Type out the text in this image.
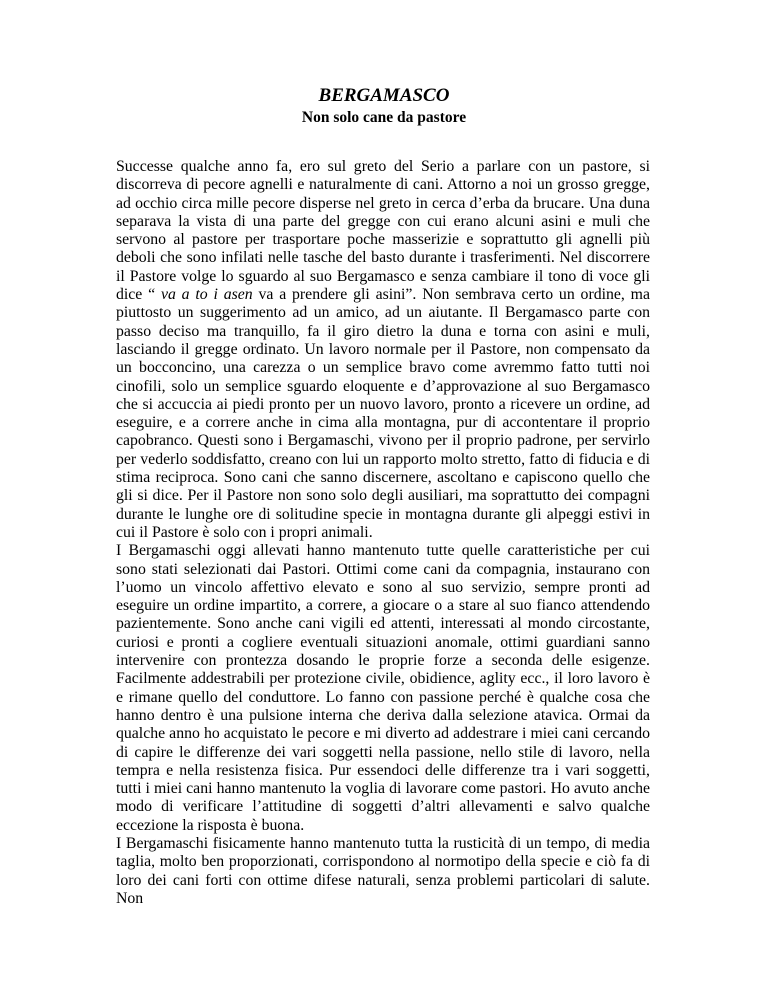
BERGAMASCO
Non solo cane da pastore

Successe qualche anno fa, ero sul greto del Serio a parlare con un pastore, si discorreva di pecore agnelli e naturalmente di cani. Attorno a noi un grosso gregge, ad occhio circa mille pecore disperse nel greto in cerca d’erba da brucare. Una duna separava la vista di una parte del gregge con cui erano alcuni asini e muli che servono al pastore per trasportare poche masserizie e soprattutto gli agnelli più deboli che sono infilati nelle tasche del basto durante i trasferimenti. Nel discorrere il Pastore volge lo sguardo al suo Bergamasco e senza cambiare il tono di voce gli dice “ va a to i asen va a prendere gli asini”. Non sembrava certo un ordine, ma piuttosto un suggerimento ad un amico, ad un aiutante. Il Bergamasco parte con passo deciso ma tranquillo, fa il giro dietro la duna e torna con asini e muli, lasciando il gregge ordinato. Un lavoro normale per il Pastore, non compensato da un bocconcino, una carezza o un semplice bravo come avremmo fatto tutti noi cinofili, solo un semplice sguardo eloquente e d’approvazione al suo Bergamasco che si accuccia ai piedi pronto per un nuovo lavoro, pronto a ricevere un ordine, ad eseguire, e a correre anche in cima alla montagna, pur di accontentare il proprio capobranco. Questi sono i Bergamaschi, vivono per il proprio padrone, per servirlo per vederlo soddisfatto, creano con lui un rapporto molto stretto, fatto di fiducia e di stima reciproca. Sono cani che sanno discernere, ascoltano e capiscono quello che gli si dice. Per il Pastore non sono solo degli ausiliari, ma soprattutto dei compagni durante le lunghe ore di solitudine specie in montagna durante gli alpeggi estivi in cui il Pastore è solo con i propri animali.

I Bergamaschi oggi allevati hanno mantenuto tutte quelle caratteristiche per cui sono stati selezionati dai Pastori. Ottimi come cani da compagnia, instaurano con l’uomo un vincolo affettivo elevato e sono al suo servizio, sempre pronti ad eseguire un ordine impartito, a correre, a giocare o a stare al suo fianco attendendo pazientemente. Sono anche cani vigili ed attenti, interessati al mondo circostante, curiosi e pronti a cogliere eventuali situazioni anomale, ottimi guardiani sanno intervenire con prontezza dosando le proprie forze a seconda delle esigenze. Facilmente addestrabili per protezione civile, obidience, aglity ecc., il loro lavoro è e rimane quello del conduttore. Lo fanno con passione perché è qualche cosa che hanno dentro è una pulsione interna che deriva dalla selezione atavica. Ormai da qualche anno ho acquistato le pecore e mi diverto ad addestrare i miei cani cercando di capire le differenze dei vari soggetti nella passione, nello stile di lavoro, nella tempra e nella resistenza fisica. Pur essendoci delle differenze tra i vari soggetti, tutti i miei cani hanno mantenuto la voglia di lavorare come pastori. Ho avuto anche modo di verificare l’attitudine di soggetti d’altri allevamenti e salvo qualche eccezione la risposta è buona.

I Bergamaschi fisicamente hanno mantenuto tutta la rusticità di un tempo, di media taglia, molto ben proporzionati, corrispondono al normotipo della specie e ciò fa di loro dei cani forti con ottime difese naturali, senza problemi particolari di salute. Non
